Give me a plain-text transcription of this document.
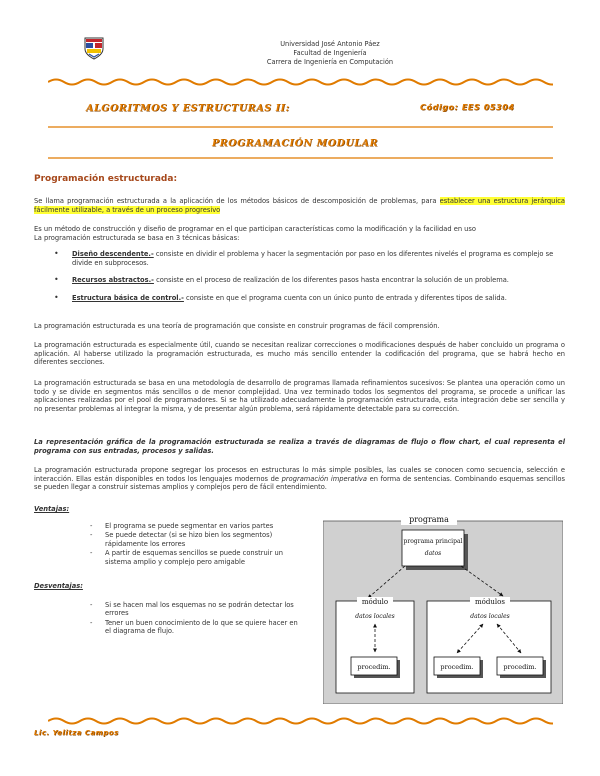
Universidad José Antonio Páez
Facultad de Ingeniería
Carrera de Ingeniería en Computación
ALGORITMOS Y ESTRUCTURAS II:	Código: EES 05304
PROGRAMACIÓN MODULAR
Programación estructurada:
Se llama programación estructurada a la aplicación de los métodos básicos de descomposición de problemas, para establecer una estructura jerárquica fácilmente utilizable, a través de un proceso progresivo
Es un método de construcción y diseño de programar en el que participan características como la modificación y la facilidad en uso
La programación estructurada se basa en 3 técnicas básicas:
• Diseño descendente.- consiste en dividir el problema y hacer la segmentación por paso en los diferentes nivelés el programa es complejo se divide en subprocesos.
• Recursos abstractos.- consiste en el proceso de realización de los diferentes pasos hasta encontrar la solución de un problema.
• Estructura básica de control.- consiste en que el programa cuenta con un único punto de entrada y diferentes tipos de salida.
La programación estructurada es una teoría de programación que consiste en construir programas de fácil comprensión.
La programación estructurada es especialmente útil, cuando se necesitan realizar correcciones o modificaciones después de haber concluido un programa o aplicación. Al haberse utilizado la programación estructurada, es mucho más sencillo entender la codificación del programa, que se habrá hecho en diferentes secciones.
La programación estructurada se basa en una metodología de desarrollo de programas llamada refinamientos sucesivos: Se plantea una operación como un todo y se divide en segmentos más sencillos o de menor complejidad. Una vez terminado todos los segmentos del programa, se procede a unificar las aplicaciones realizadas por el pool de programadores. Si se ha utilizado adecuadamente la programación estructurada, esta integración debe ser sencilla y no presentar problemas al integrar la misma, y de presentar algún problema, será rápidamente detectable para su corrección.
La representación gráfica de la programación estructurada se realiza a través de diagramas de flujo o flow chart, el cual representa el programa con sus entradas, procesos y salidas.
La programación estructurada propone segregar los procesos en estructuras lo más simple posibles, las cuales se conocen como secuencia, selección e interacción. Ellas están disponibles en todos los lenguajes modernos de programación imperativa en forma de sentencias. Combinando esquemas sencillos se pueden llegar a construir sistemas amplios y complejos pero de fácil entendimiento.
Ventajas:
- El programa se puede segmentar en varios partes
- Se puede detectar (si se hizo bien los segmentos) rápidamente los errores
- A partir de esquemas sencillos se puede construir un sistema amplio y complejo pero amigable
Desventajas:
- Si se hacen mal los esquemas no se podrán detectar los errores
- Tener un buen conocimiento de lo que se quiere hacer en el diagrama de flujo.
programa
programa principal
datos
módulo
datos locales
procedim.
módulos
datos locales
procedim.	procedim.
Lic. Yelitza Campos
